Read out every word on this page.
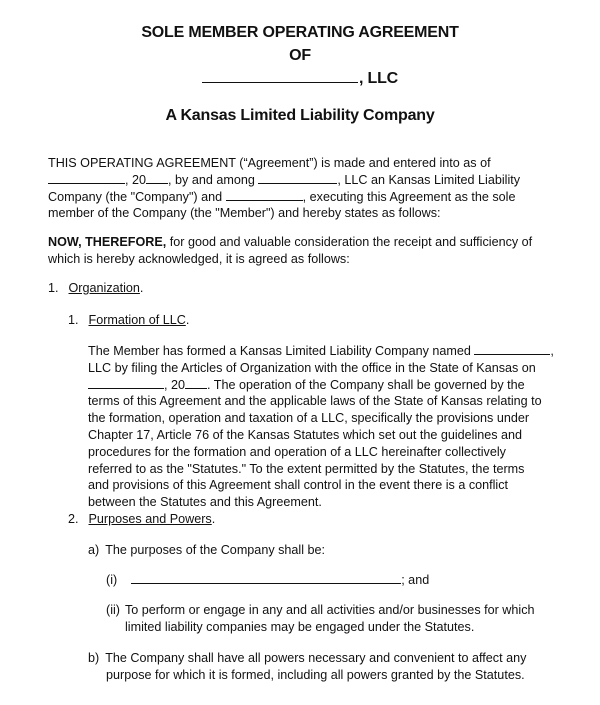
SOLE MEMBER OPERATING AGREEMENT
OF
, LLC
A Kansas Limited Liability Company
THIS OPERATING AGREEMENT (“Agreement”) is made and entered into as of
, 20 , by and among	, LLC an Kansas Limited Liability
Company (the "Company") and	, executing this Agreement as the sole
member of the Company (the "Member") and hereby states as follows:
NOW, THEREFORE, for good and valuable consideration the receipt and sufficiency of
which is hereby acknowledged, it is agreed as follows:
1. Organization.
1. Formation of LLC.
The Member has formed a Kansas Limited Liability Company named	,
LLC by filing the Articles of Organization with the office in the State of Kansas on
, 20 . The operation of the Company shall be governed by the
terms of this Agreement and the applicable laws of the State of Kansas relating to
the formation, operation and taxation of a LLC, specifically the provisions under
Chapter 17, Article 76 of the Kansas Statutes which set out the guidelines and
procedures for the formation and operation of a LLC hereinafter collectively
referred to as the "Statutes." To the extent permitted by the Statutes, the terms
and provisions of this Agreement shall control in the event there is a conflict
between the Statutes and this Agreement.
2. Purposes and Powers.
a) The purposes of the Company shall be:
(i)	; and
(ii) To perform or engage in any and all activities and/or businesses for which
limited liability companies may be engaged under the Statutes.
b) The Company shall have all powers necessary and convenient to affect any
purpose for which it is formed, including all powers granted by the Statutes.
